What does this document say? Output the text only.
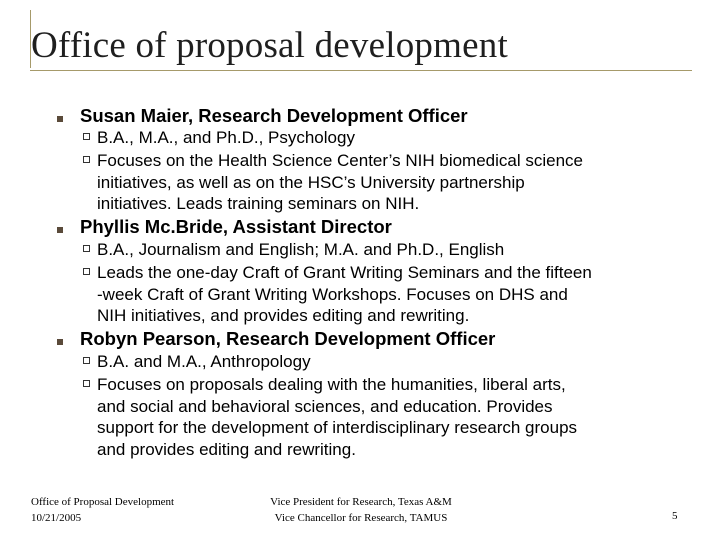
Office of proposal development
Susan Maier, Research Development Officer
B.A., M.A., and Ph.D., Psychology
Focuses on the Health Science Center’s NIH biomedical science
initiatives, as well as on the HSC’s University partnership
initiatives. Leads training seminars on NIH.
Phyllis Mc.Bride, Assistant Director
B.A., Journalism and English; M.A. and Ph.D., English
Leads the one-day Craft of Grant Writing Seminars and the fifteen
-week Craft of Grant Writing Workshops. Focuses on DHS and
NIH initiatives, and provides editing and rewriting.
Robyn Pearson, Research Development Officer
B.A. and M.A., Anthropology
Focuses on proposals dealing with the humanities, liberal arts,
and social and behavioral sciences, and education. Provides
support for the development of interdisciplinary research groups
and provides editing and rewriting.
Office of Proposal Development
10/21/2005
Vice President for Research, Texas A&M
Vice Chancellor for Research, TAMUS	5
